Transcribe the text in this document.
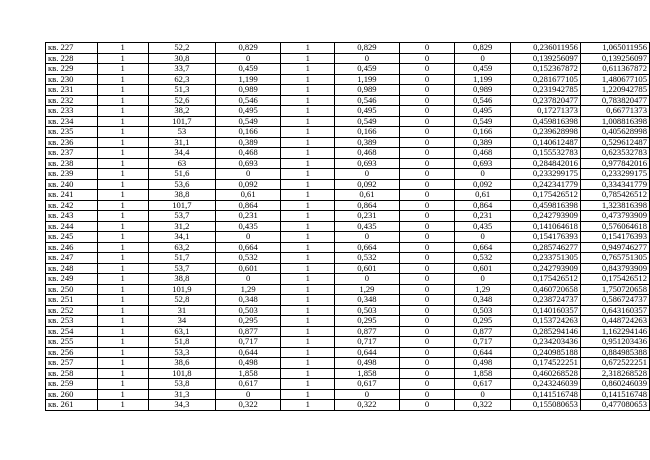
кв. 227	1	52,2	0,829	1	0,829	0	0,829	0,236011956	1,065011956
кв. 228	1	30,8	0	1	0	0	0	0,139256097	0,139256097
кв. 229	1	33,7	0,459	1	0,459	0	0,459	0,152367872	0,611367872
кв. 230	1	62,3	1,199	1	1,199	0	1,199	0,281677105	1,480677105
кв. 231	1	51,3	0,989	1	0,989	0	0,989	0,231942785	1,220942785
кв. 232	1	52,6	0,546	1	0,546	0	0,546	0,237820477	0,783820477
кв. 233	1	38,2	0,495	1	0,495	0	0,495	0,17271373	0,66771373
кв. 234	1	101,7	0,549	1	0,549	0	0,549	0,459816398	1,008816398
кв. 235	1	53	0,166	1	0,166	0	0,166	0,239628998	0,405628998
кв. 236	1	31,1	0,389	1	0,389	0	0,389	0,140612487	0,529612487
кв. 237	1	34,4	0,468	1	0,468	0	0,468	0,155532783	0,623532783
кв. 238	1	63	0,693	1	0,693	0	0,693	0,284842016	0,977842016
кв. 239	1	51,6	0	1	0	0	0	0,233299175	0,233299175
кв. 240	1	53,6	0,092	1	0,092	0	0,092	0,242341779	0,334341779
кв. 241	1	38,8	0,61	1	0,61	0	0,61	0,175426512	0,785426512
кв. 242	1	101,7	0,864	1	0,864	0	0,864	0,459816398	1,323816398
кв. 243	1	53,7	0,231	1	0,231	0	0,231	0,242793909	0,473793909
кв. 244	1	31,2	0,435	1	0,435	0	0,435	0,141064618	0,576064618
кв. 245	1	34,1	0	1	0	0	0	0,154176393	0,154176393
кв. 246	1	63,2	0,664	1	0,664	0	0,664	0,285746277	0,949746277
кв. 247	1	51,7	0,532	1	0,532	0	0,532	0,233751305	0,765751305
кв. 248	1	53,7	0,601	1	0,601	0	0,601	0,242793909	0,843793909
кв. 249	1	38,8	0	1	0	0	0	0,175426512	0,175426512
кв. 250	1	101,9	1,29	1	1,29	0	1,29	0,460720658	1,750720658
кв. 251	1	52,8	0,348	1	0,348	0	0,348	0,238724737	0,586724737
кв. 252	1	31	0,503	1	0,503	0	0,503	0,140160357	0,643160357
кв. 253	1	34	0,295	1	0,295	0	0,295	0,153724263	0,448724263
кв. 254	1	63,1	0,877	1	0,877	0	0,877	0,285294146	1,162294146
кв. 255	1	51,8	0,717	1	0,717	0	0,717	0,234203436	0,951203436
кв. 256	1	53,3	0,644	1	0,644	0	0,644	0,240985188	0,884985388
кв. 257	1	38,6	0,498	1	0,498	0	0,498	0,174522251	0,672522251
кв. 258	1	101,8	1,858	1	1,858	0	1,858	0,460268528	2,318268528
кв. 259	1	53,8	0,617	1	0,617	0	0,617	0,243246039	0,860246039
кв. 260	1	31,3	0	1	0	0	0	0,141516748	0,141516748
кв. 261	1	34,3	0,322	1	0,322	0	0,322	0,155080653	0,477080653
